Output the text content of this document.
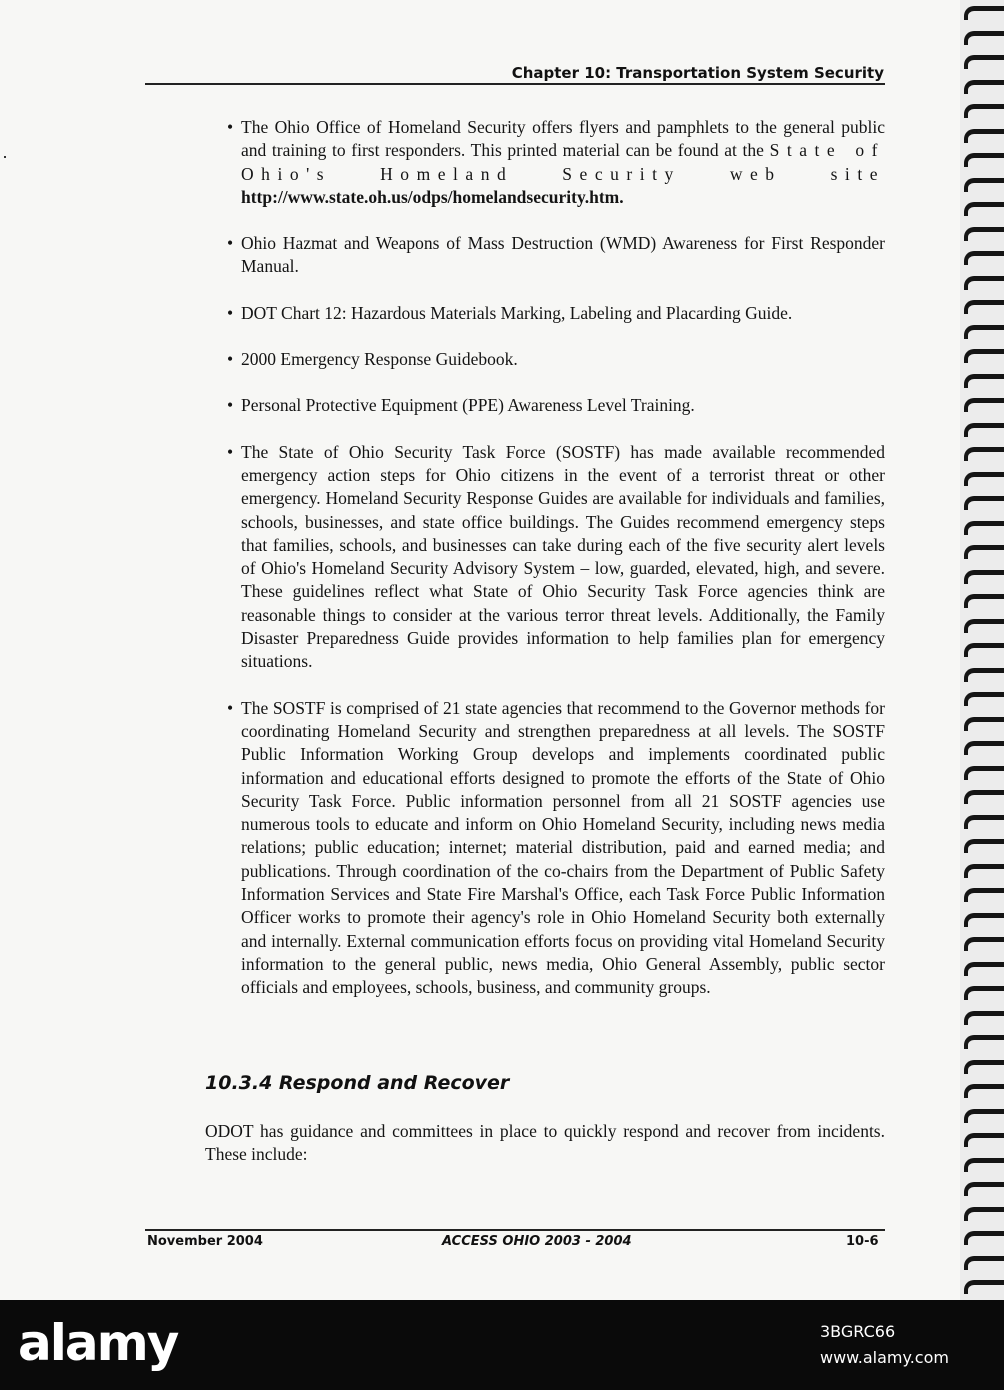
Chapter 10: Transportation System Security
• The Ohio Office of Homeland Security offers flyers and pamphlets to the general public and training to first responders. This printed material can be found at the State of Ohio's Homeland Security web site http://www.state.oh.us/odps/homelandsecurity.htm.
• Ohio Hazmat and Weapons of Mass Destruction (WMD) Awareness for First Responder Manual.
• DOT Chart 12: Hazardous Materials Marking, Labeling and Placarding Guide.
• 2000 Emergency Response Guidebook.
• Personal Protective Equipment (PPE) Awareness Level Training.
• The State of Ohio Security Task Force (SOSTF) has made available recommended emergency action steps for Ohio citizens in the event of a terrorist threat or other emergency. Homeland Security Response Guides are available for individuals and families, schools, businesses, and state office buildings. The Guides recommend emergency steps that families, schools, and businesses can take during each of the five security alert levels of Ohio's Homeland Security Advisory System – low, guarded, elevated, high, and severe. These guidelines reflect what State of Ohio Security Task Force agencies think are reasonable things to consider at the various terror threat levels. Additionally, the Family Disaster Preparedness Guide provides information to help families plan for emergency situations.
• The SOSTF is comprised of 21 state agencies that recommend to the Governor methods for coordinating Homeland Security and strengthen preparedness at all levels. The SOSTF Public Information Working Group develops and implements coordinated public information and educational efforts designed to promote the efforts of the State of Ohio Security Task Force. Public information personnel from all 21 SOSTF agencies use numerous tools to educate and inform on Ohio Homeland Security, including news media relations; public education; internet; material distribution, paid and earned media; and publications. Through coordination of the co-chairs from the Department of Public Safety Information Services and State Fire Marshal's Office, each Task Force Public Information Officer works to promote their agency's role in Ohio Homeland Security both externally and internally. External communication efforts focus on providing vital Homeland Security information to the general public, news media, Ohio General Assembly, public sector officials and employees, schools, business, and community groups.
10.3.4 Respond and Recover
ODOT has guidance and committees in place to quickly respond and recover from incidents. These include:
November 2004	ACCESS OHIO 2003 - 2004	10-6
alamy	3BGRC66
www.alamy.com
